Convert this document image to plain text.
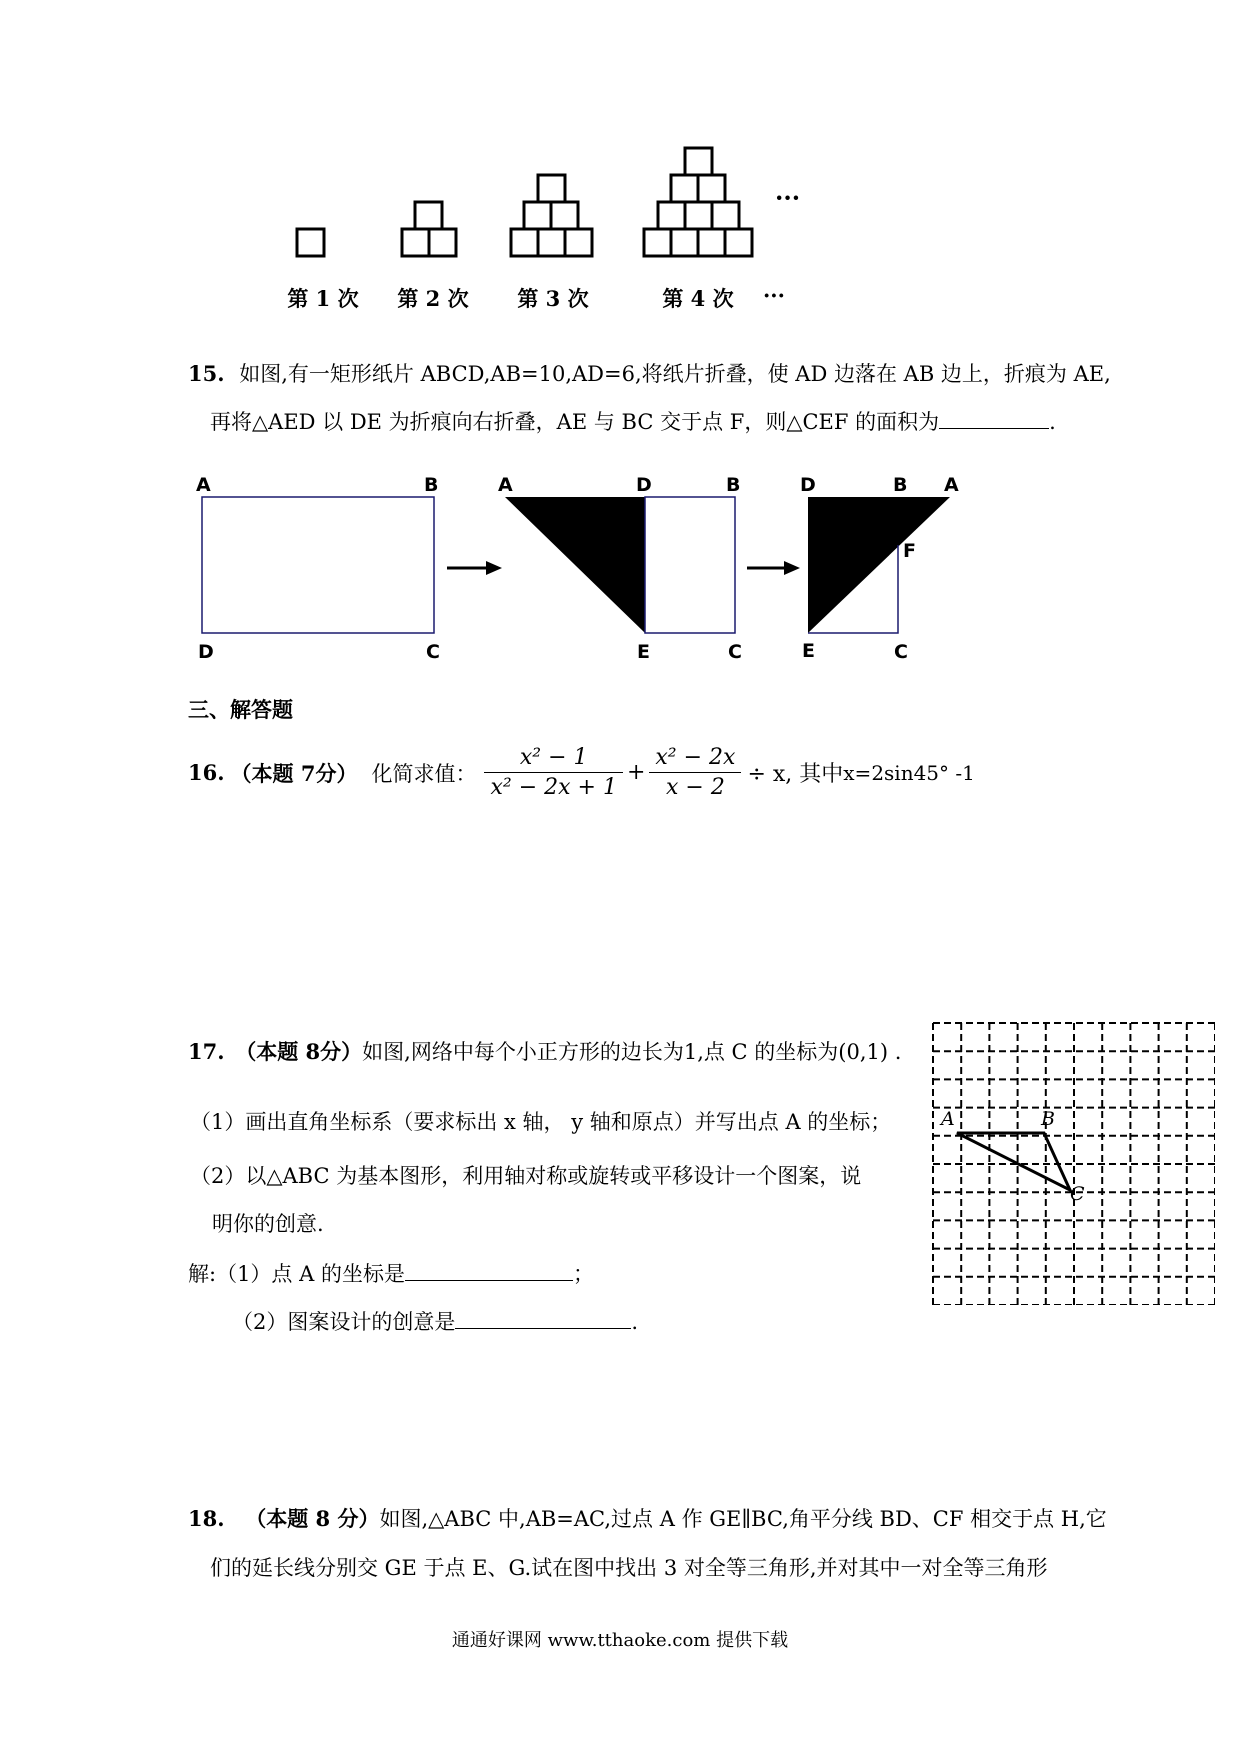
···
第 1 次	第 2 次	第 3 次	第 4 次	···
15. 如图,有一矩形纸片 ABCD,AB=10,AD=6,将纸片折叠，使 AD 边落在 AB 边上，折痕为 AE,
再将△AED 以 DE 为折痕向右折叠，AE 与 BC 交于点 F，则△CEF 的面积为	.
A	B
D	C
A	D	B
E	C
D	B A
F
E	C
三、解答题
16. （本题 7分） 化简求值： $\frac{\text{x² − 1}}{\text{x² − 2x + 1}} + \frac{\text{x² − 2x}}{x - 2} \div x$, 其中 x=2sin45° -1
17. （本题 8分）如图,网络中每个小正方形的边长为1,点 C 的坐标为(0,1) .
（1）画出直角坐标系（要求标出 x 轴， y 轴和原点）并写出点 A 的坐标；
（2）以△ABC 为基本图形，利用轴对称或旋转或平移设计一个图案，说
明你的创意.
解:（1）点 A 的坐标是	；
（2）图案设计的创意是	.
A	B
C
18. （本题 8 分）如图,△ABC 中,AB=AC,过点 A 作 GE∥BC,角平分线 BD、CF 相交于点 H,它
们的延长线分别交 GE 于点 E、G.试在图中找出 3 对全等三角形,并对其中一对全等三角形
通通好课网 www.tthaoke.com 提供下载
